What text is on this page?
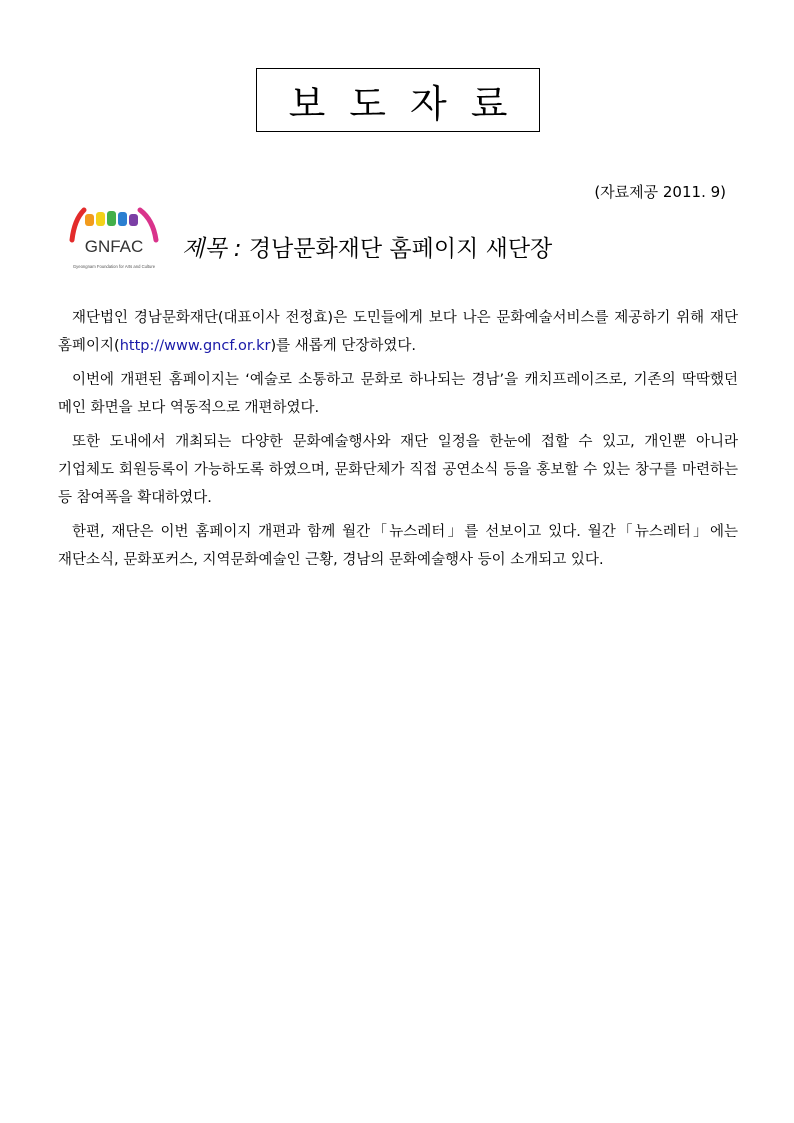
보도자료
(자료제공 2011. 9)
GNFAC
Gyeongnam Foundation for Arts and Culture
제목 : 경남문화재단 홈페이지 새단장

재단법인 경남문화재단(대표이사 전정효)은 도민들에게 보다 나은 문화예술서비스를 제공하기 위해 재단 홈페이지(http://www.gncf.or.kr)를 새롭게 단장하였다.

이번에 개편된 홈페이지는 ‘예술로 소통하고 문화로 하나되는 경남’을 캐치프레이즈로, 기존의 딱딱했던 메인 화면을 보다 역동적으로 개편하였다.

또한 도내에서 개최되는 다양한 문화예술행사와 재단 일정을 한눈에 접할 수 있고, 개인뿐 아니라 기업체도 회원등록이 가능하도록 하였으며, 문화단체가 직접 공연소식 등을 홍보할 수 있는 창구를 마련하는 등 참여폭을 확대하였다.

한편, 재단은 이번 홈페이지 개편과 함께 월간「뉴스레터」를 선보이고 있다. 월간「뉴스레터」에는 재단소식, 문화포커스, 지역문화예술인 근황, 경남의 문화예술행사 등이 소개되고 있다.
